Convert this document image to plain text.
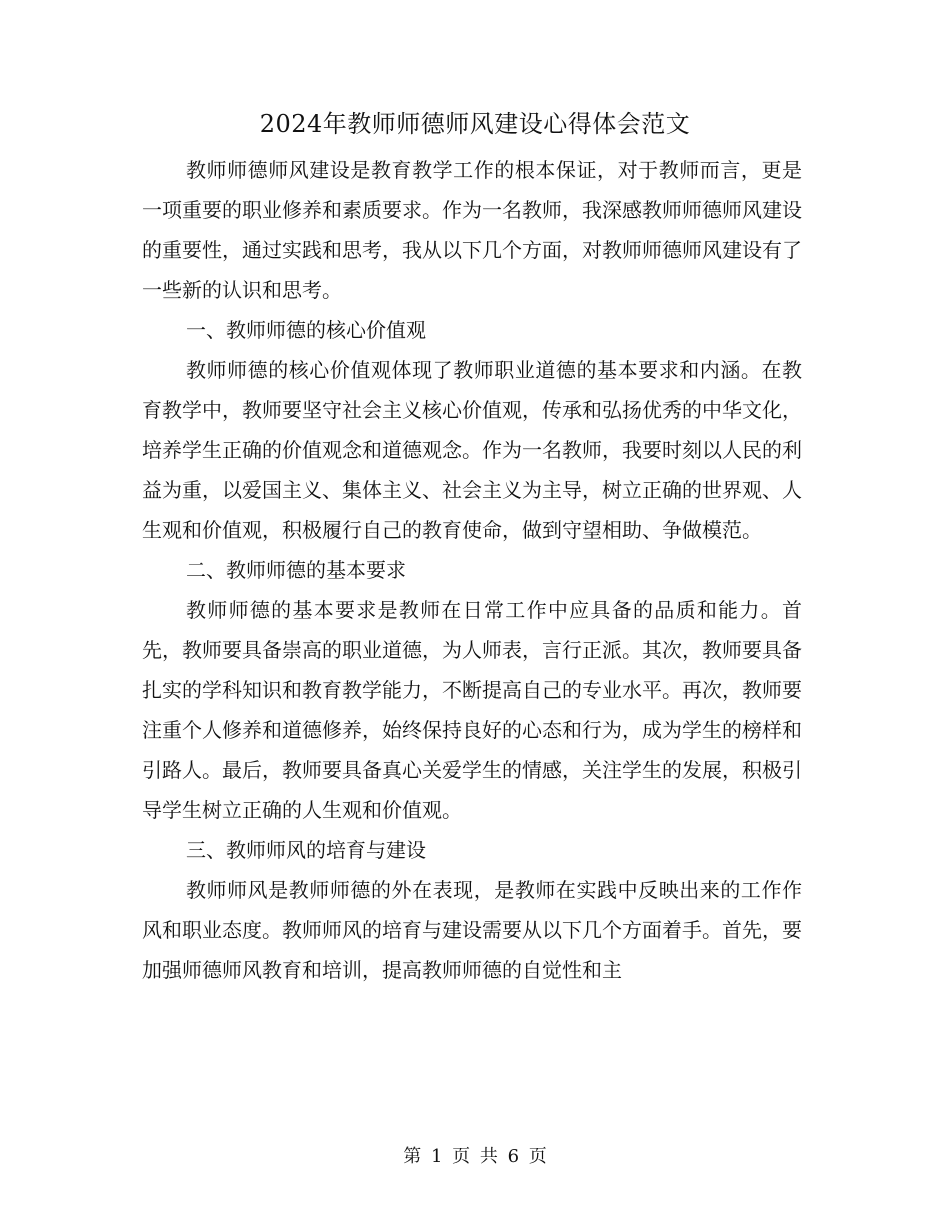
2024年教师师德师风建设心得体会范文

教师师德师风建设是教育教学工作的根本保证，对于教师而言，更是一项重要的职业修养和素质要求。作为一名教师，我深感教师师德师风建设的重要性，通过实践和思考，我从以下几个方面，对教师师德师风建设有了一些新的认识和思考。

一、教师师德的核心价值观

教师师德的核心价值观体现了教师职业道德的基本要求和内涵。在教育教学中，教师要坚守社会主义核心价值观，传承和弘扬优秀的中华文化，培养学生正确的价值观念和道德观念。作为一名教师，我要时刻以人民的利益为重，以爱国主义、集体主义、社会主义为主导，树立正确的世界观、人生观和价值观，积极履行自己的教育使命，做到守望相助、争做模范。

二、教师师德的基本要求

教师师德的基本要求是教师在日常工作中应具备的品质和能力。首先，教师要具备崇高的职业道德，为人师表，言行正派。其次，教师要具备扎实的学科知识和教育教学能力，不断提高自己的专业水平。再次，教师要注重个人修养和道德修养，始终保持良好的心态和行为，成为学生的榜样和引路人。最后，教师要具备真心关爱学生的情感，关注学生的发展，积极引导学生树立正确的人生观和价值观。

三、教师师风的培育与建设

教师师风是教师师德的外在表现，是教师在实践中反映出来的工作作风和职业态度。教师师风的培育与建设需要从以下几个方面着手。首先，要加强师德师风教育和培训，提高教师师德的自觉性和主

第 1 页 共 6 页
